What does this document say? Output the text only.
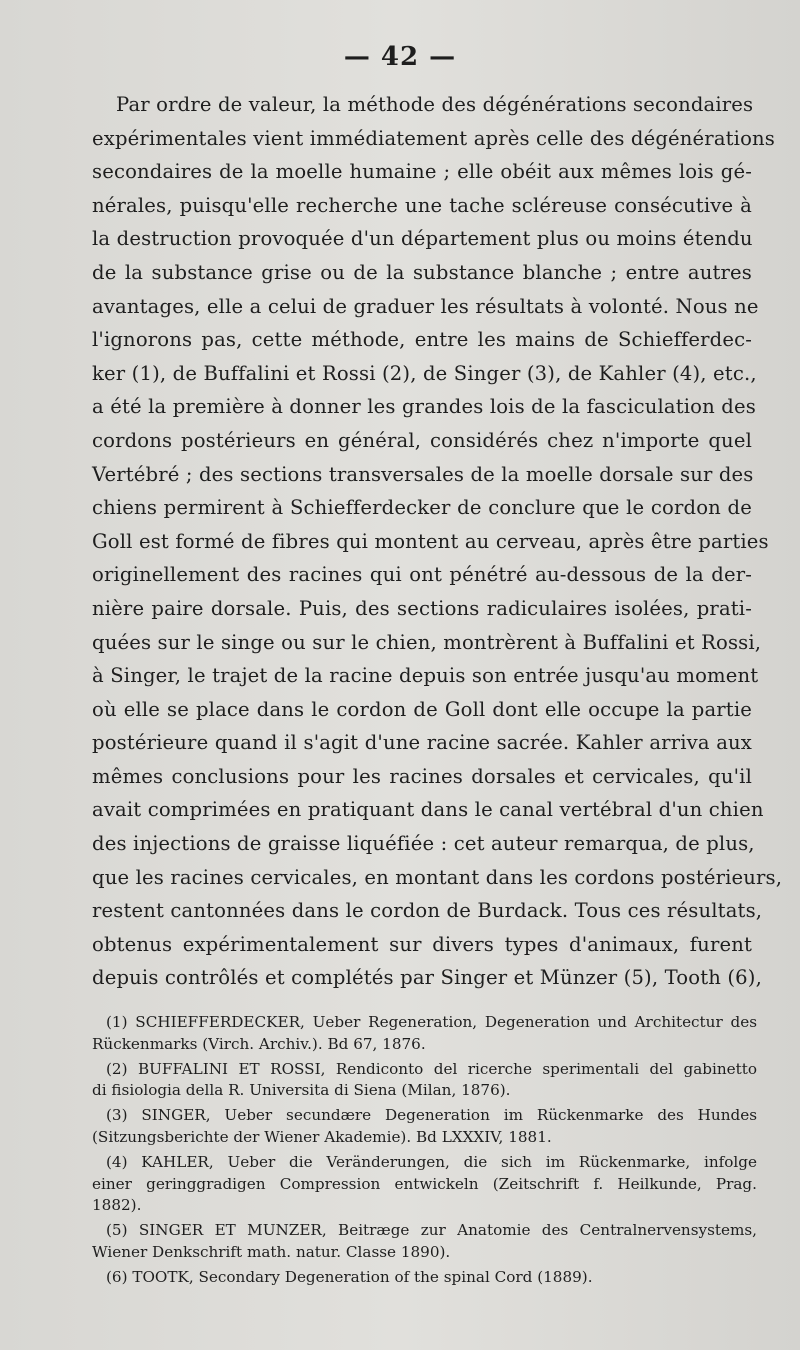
— 42 —
Par ordre de valeur, la méthode des dégénérations secondaires
expérimentales vient immédiatement après celle des dégénérations
secondaires de la moelle humaine ; elle obéit aux mêmes lois gé-
nérales, puisqu'elle recherche une tache scléreuse consécutive à
la destruction provoquée d'un département plus ou moins étendu
de la substance grise ou de la substance blanche ; entre autres
avantages, elle a celui de graduer les résultats à volonté. Nous ne
l'ignorons pas, cette méthode, entre les mains de Schiefferdec-
ker (1), de Buffalini et Rossi (2), de Singer (3), de Kahler (4), etc.,
a été la première à donner les grandes lois de la fasciculation des
cordons postérieurs en général, considérés chez n'importe quel
Vertébré ; des sections transversales de la moelle dorsale sur des
chiens permirent à Schiefferdecker de conclure que le cordon de
Goll est formé de fibres qui montent au cerveau, après être parties
originellement des racines qui ont pénétré au-dessous de la der-
nière paire dorsale. Puis, des sections radiculaires isolées, prati-
quées sur le singe ou sur le chien, montrèrent à Buffalini et Rossi,
à Singer, le trajet de la racine depuis son entrée jusqu'au moment
où elle se place dans le cordon de Goll dont elle occupe la partie
postérieure quand il s'agit d'une racine sacrée. Kahler arriva aux
mêmes conclusions pour les racines dorsales et cervicales, qu'il
avait comprimées en pratiquant dans le canal vertébral d'un chien
des injections de graisse liquéfiée : cet auteur remarqua, de plus,
que les racines cervicales, en montant dans les cordons postérieurs,
restent cantonnées dans le cordon de Burdack. Tous ces résultats,
obtenus expérimentalement sur divers types d'animaux, furent
depuis contrôlés et complétés par Singer et Münzer (5), Tooth (6),
(1) SCHIEFFERDECKER, Ueber Regeneration, Degeneration und Architectur des
Rückenmarks (Virch. Archiv.). Bd 67, 1876.
(2) BUFFALINI ET ROSSI, Rendiconto del ricerche sperimentali del gabinetto
di fisiologia della R. Universita di Siena (Milan, 1876).
(3) SINGER, Ueber secundære Degeneration im Rückenmarke des Hundes
(Sitzungsberichte der Wiener Akademie). Bd LXXXIV, 1881.
(4) KAHLER, Ueber die Veränderungen, die sich im Rückenmarke, infolge
einer geringgradigen Compression entwickeln (Zeitschrift f. Heilkunde, Prag.
1882).
(5) SINGER ET MUNZER, Beitræge zur Anatomie des Centralnervensystems,
Wiener Denkschrift math. natur. Classe 1890).
(6) TOOTK, Secondary Degeneration of the spinal Cord (1889).
